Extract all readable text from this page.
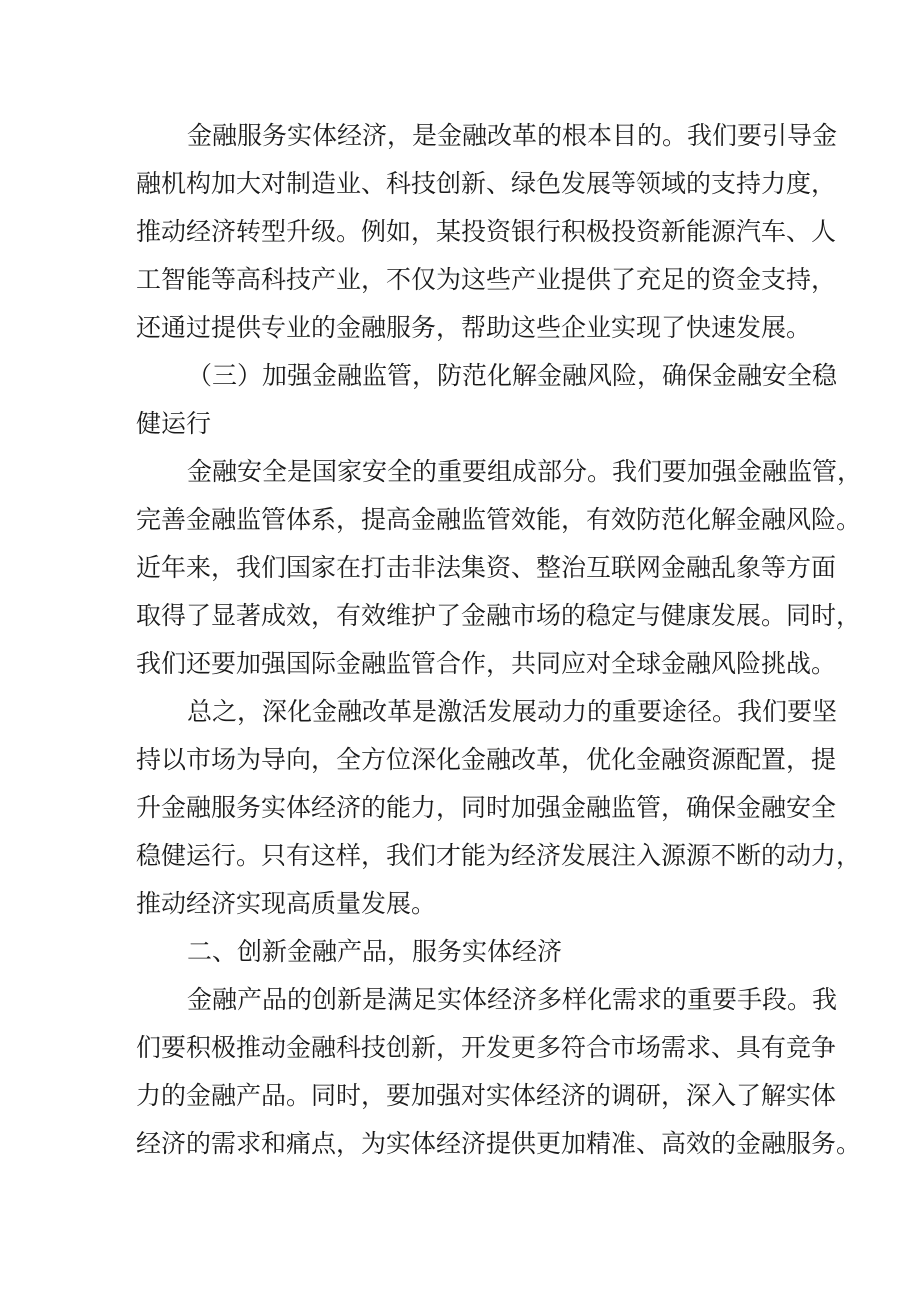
金融服务实体经济，是金融改革的根本目的。我们要引导金
融机构加大对制造业、科技创新、绿色发展等领域的支持力度，
推动经济转型升级。例如，某投资银行积极投资新能源汽车、人
工智能等高科技产业，不仅为这些产业提供了充足的资金支持，
还通过提供专业的金融服务，帮助这些企业实现了快速发展。
（三）加强金融监管，防范化解金融风险，确保金融安全稳
健运行
金融安全是国家安全的重要组成部分。我们要加强金融监管，
完善金融监管体系，提高金融监管效能，有效防范化解金融风险。
近年来，我们国家在打击非法集资、整治互联网金融乱象等方面
取得了显著成效，有效维护了金融市场的稳定与健康发展。同时，
我们还要加强国际金融监管合作，共同应对全球金融风险挑战。
总之，深化金融改革是激活发展动力的重要途径。我们要坚
持以市场为导向，全方位深化金融改革，优化金融资源配置，提
升金融服务实体经济的能力，同时加强金融监管，确保金融安全
稳健运行。只有这样，我们才能为经济发展注入源源不断的动力，
推动经济实现高质量发展。
二、创新金融产品，服务实体经济
金融产品的创新是满足实体经济多样化需求的重要手段。我
们要积极推动金融科技创新，开发更多符合市场需求、具有竞争
力的金融产品。同时，要加强对实体经济的调研，深入了解实体
经济的需求和痛点，为实体经济提供更加精准、高效的金融服务。
